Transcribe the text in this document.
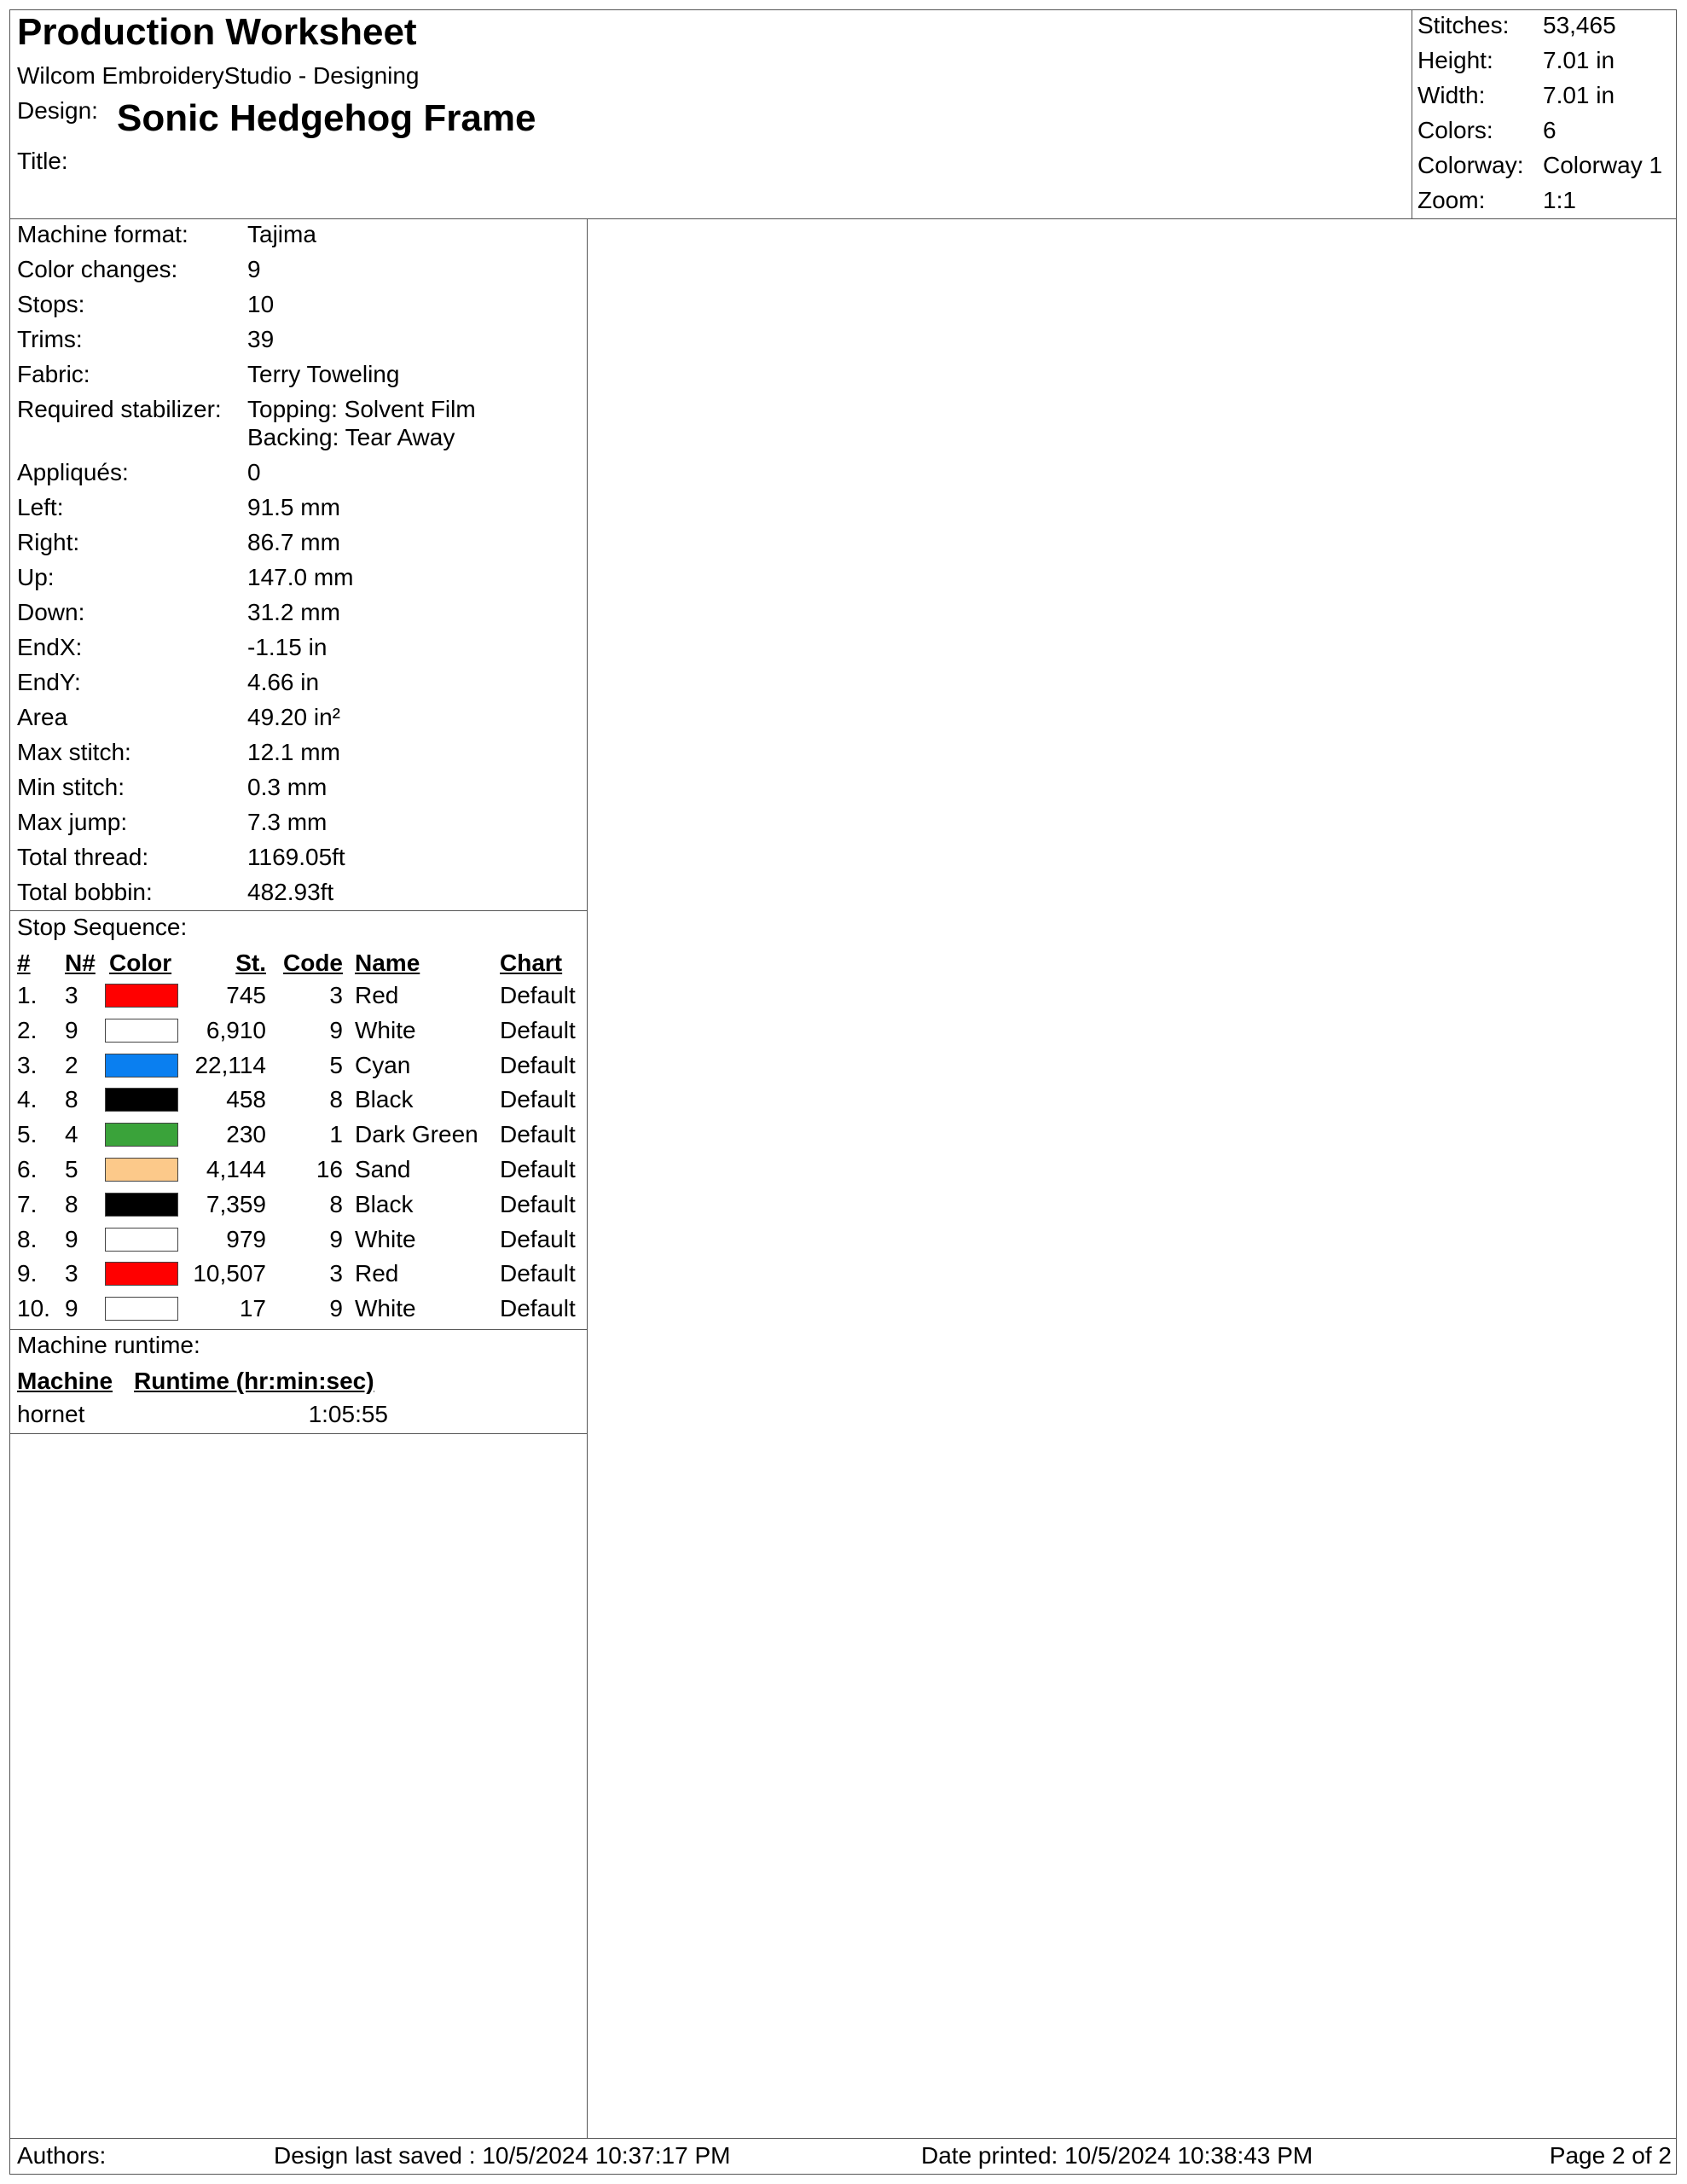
Production Worksheet
Wilcom EmbroideryStudio - Designing
Design: Sonic Hedgehog Frame
Title:
Stitches: 53,465
Height: 7.01 in
Width: 7.01 in
Colors: 6
Colorway: Colorway 1
Zoom: 1:1
Machine format: Tajima
Color changes:	9
Stops:	10
Trims:	39
Fabric:	Terry Toweling
Required stabilizer: Topping: Solvent Film
Backing: Tear Away
Appliqués:	0
Left:	91.5 mm
Right:	86.7 mm
Up:	147.0 mm
Down:	31.2 mm
EndX:	-1.15 in
EndY:	4.66 in
Area	49.20 in²
Max stitch:	12.1 mm
Min stitch:	0.3 mm
Max jump:	7.3 mm
Total thread:	1169.05ft
Total bobbin:	482.93ft
Stop Sequence:
# N# Color	St. Code Name	Chart
1. 3	745	3 Red	Default
2. 9	6,910	9 White	Default
3. 2	22,114	5 Cyan	Default
4. 8	458	8 Black	Default
5. 4	230	1 Dark Green Default
6. 5	4,144	16 Sand	Default
7. 8	7,359	8 Black	Default
8. 9	979	9 White	Default
9. 3	10,507	3 Red	Default
10. 9	17	9 White	Default
Machine runtime:
Machine Runtime (hr:min:sec)
hornet	1:05:55
Authors:	Design last saved : 10/5/2024 10:37:17 PM	Date printed: 10/5/2024 10:38:43 PM	Page 2 of 2
